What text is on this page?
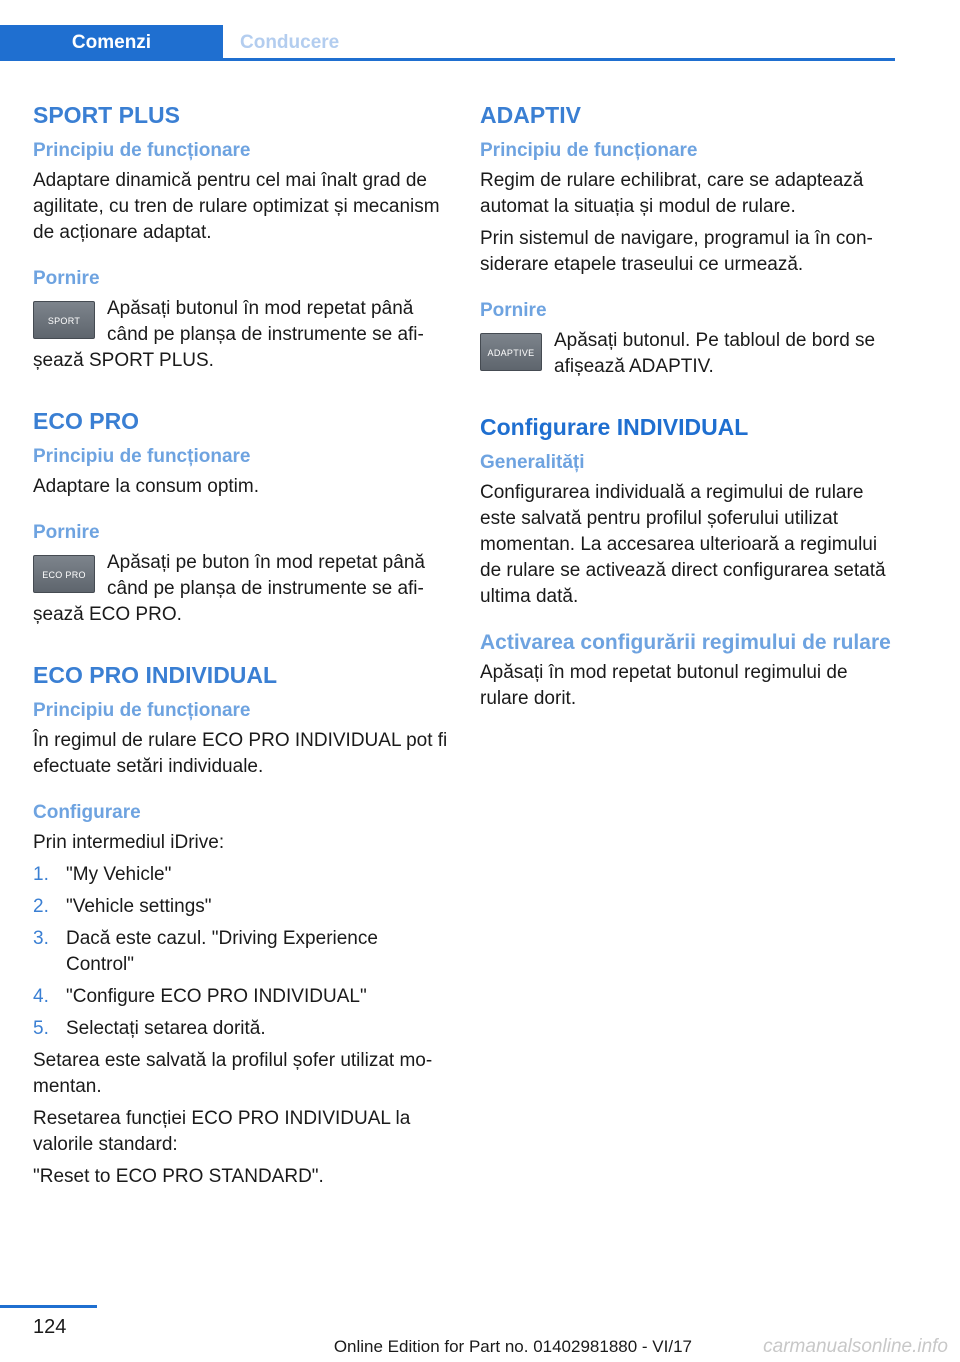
Comenzi	Conducere
SPORT PLUS
Principiu de funcționare

Adaptare dinamică pentru cel mai înalt grad de agilitate, cu tren de rulare optimizat și mecanism de acționare adaptat.

Pornire
SPORT
Apăsați butonul în mod repetat până când pe planșa de instrumente se afi‐
șează SPORT PLUS.
ECO PRO
Principiu de funcționare

Adaptare la consum optim.

Pornire
ECO PRO
Apăsați pe buton în mod repetat până când pe planșa de instrumente se afi‐
șează ECO PRO.
ECO PRO INDIVIDUAL
Principiu de funcționare

În regimul de rulare ECO PRO INDIVIDUAL pot fi efectuate setări individuale.

Configurare

Prin intermediul iDrive:

1. "My Vehicle"
2. "Vehicle settings"
3. Dacă este cazul. "Driving Experience Control"
4. "Configure ECO PRO INDIVIDUAL"
5. Selectați setarea dorită.

Setarea este salvată la profilul șofer utilizat momentan.

Resetarea funcției ECO PRO INDIVIDUAL la valorile standard:

"Reset to ECO PRO STANDARD".

ADAPTIV
Principiu de funcționare

Regim de rulare echilibrat, care se adaptează automat la situația și modul de rulare.

Prin sistemul de navigare, programul ia în considerare etapele traseului ce urmează.

Pornire
ADAPTIVE
Apăsați butonul. Pe tabloul de bord se afișează ADAPTIV.
Configurare INDIVIDUAL
Generalități

Configurarea individuală a regimului de rulare este salvată pentru profilul șoferului utilizat momentan. La accesarea ulterioară a regimului de rulare se activează direct configurarea setată ultima dată.

Activarea configurării regimului de rulare

Apăsați în mod repetat butonul regimului de rulare dorit.

124
Online Edition for Part no. 01402981880 - VI/17	carmanualsonline.info
